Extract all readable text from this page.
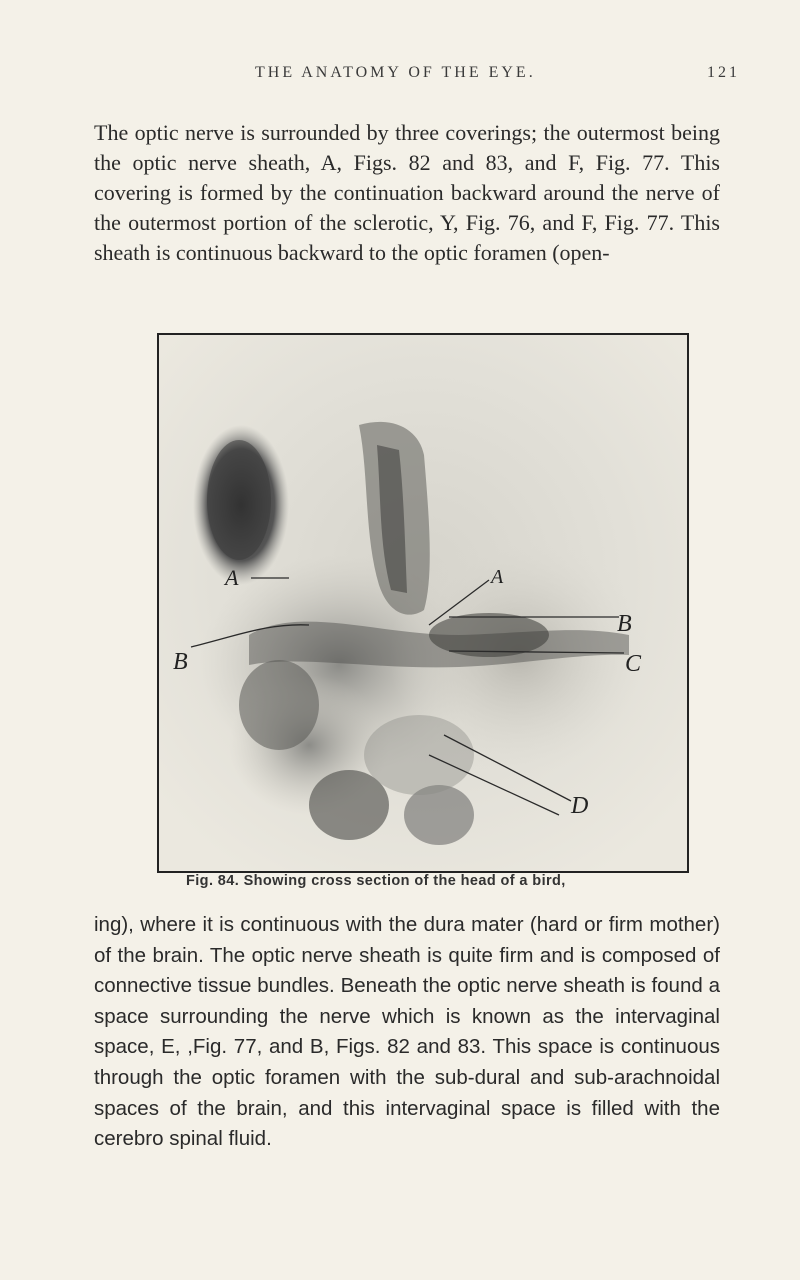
THE ANATOMY OF THE EYE.	121

The optic nerve is surrounded by three coverings; the outermost being the optic nerve sheath, A, Figs. 82 and 83, and F, Fig. 77. This covering is formed by the continuation backward around the nerve of the outermost portion of the sclerotic, Y, Fig. 76, and F, Fig. 77. This sheath is continuous backward to the optic foramen (open-

A	A
B
B
C
D
Fig. 84. Showing cross section of the head of a bird,

ing), where it is continuous with the dura mater (hard or firm mother) of the brain. The optic nerve sheath is quite firm and is composed of connective tissue bundles. Beneath the optic nerve sheath is found a space surrounding the nerve which is known as the intervaginal space, E, ,Fig. 77, and B, Figs. 82 and 83. This space is continuous through the optic foramen with the sub-dural and sub-arachnoidal spaces of the brain, and this intervaginal space is filled with the cerebro spinal fluid.
